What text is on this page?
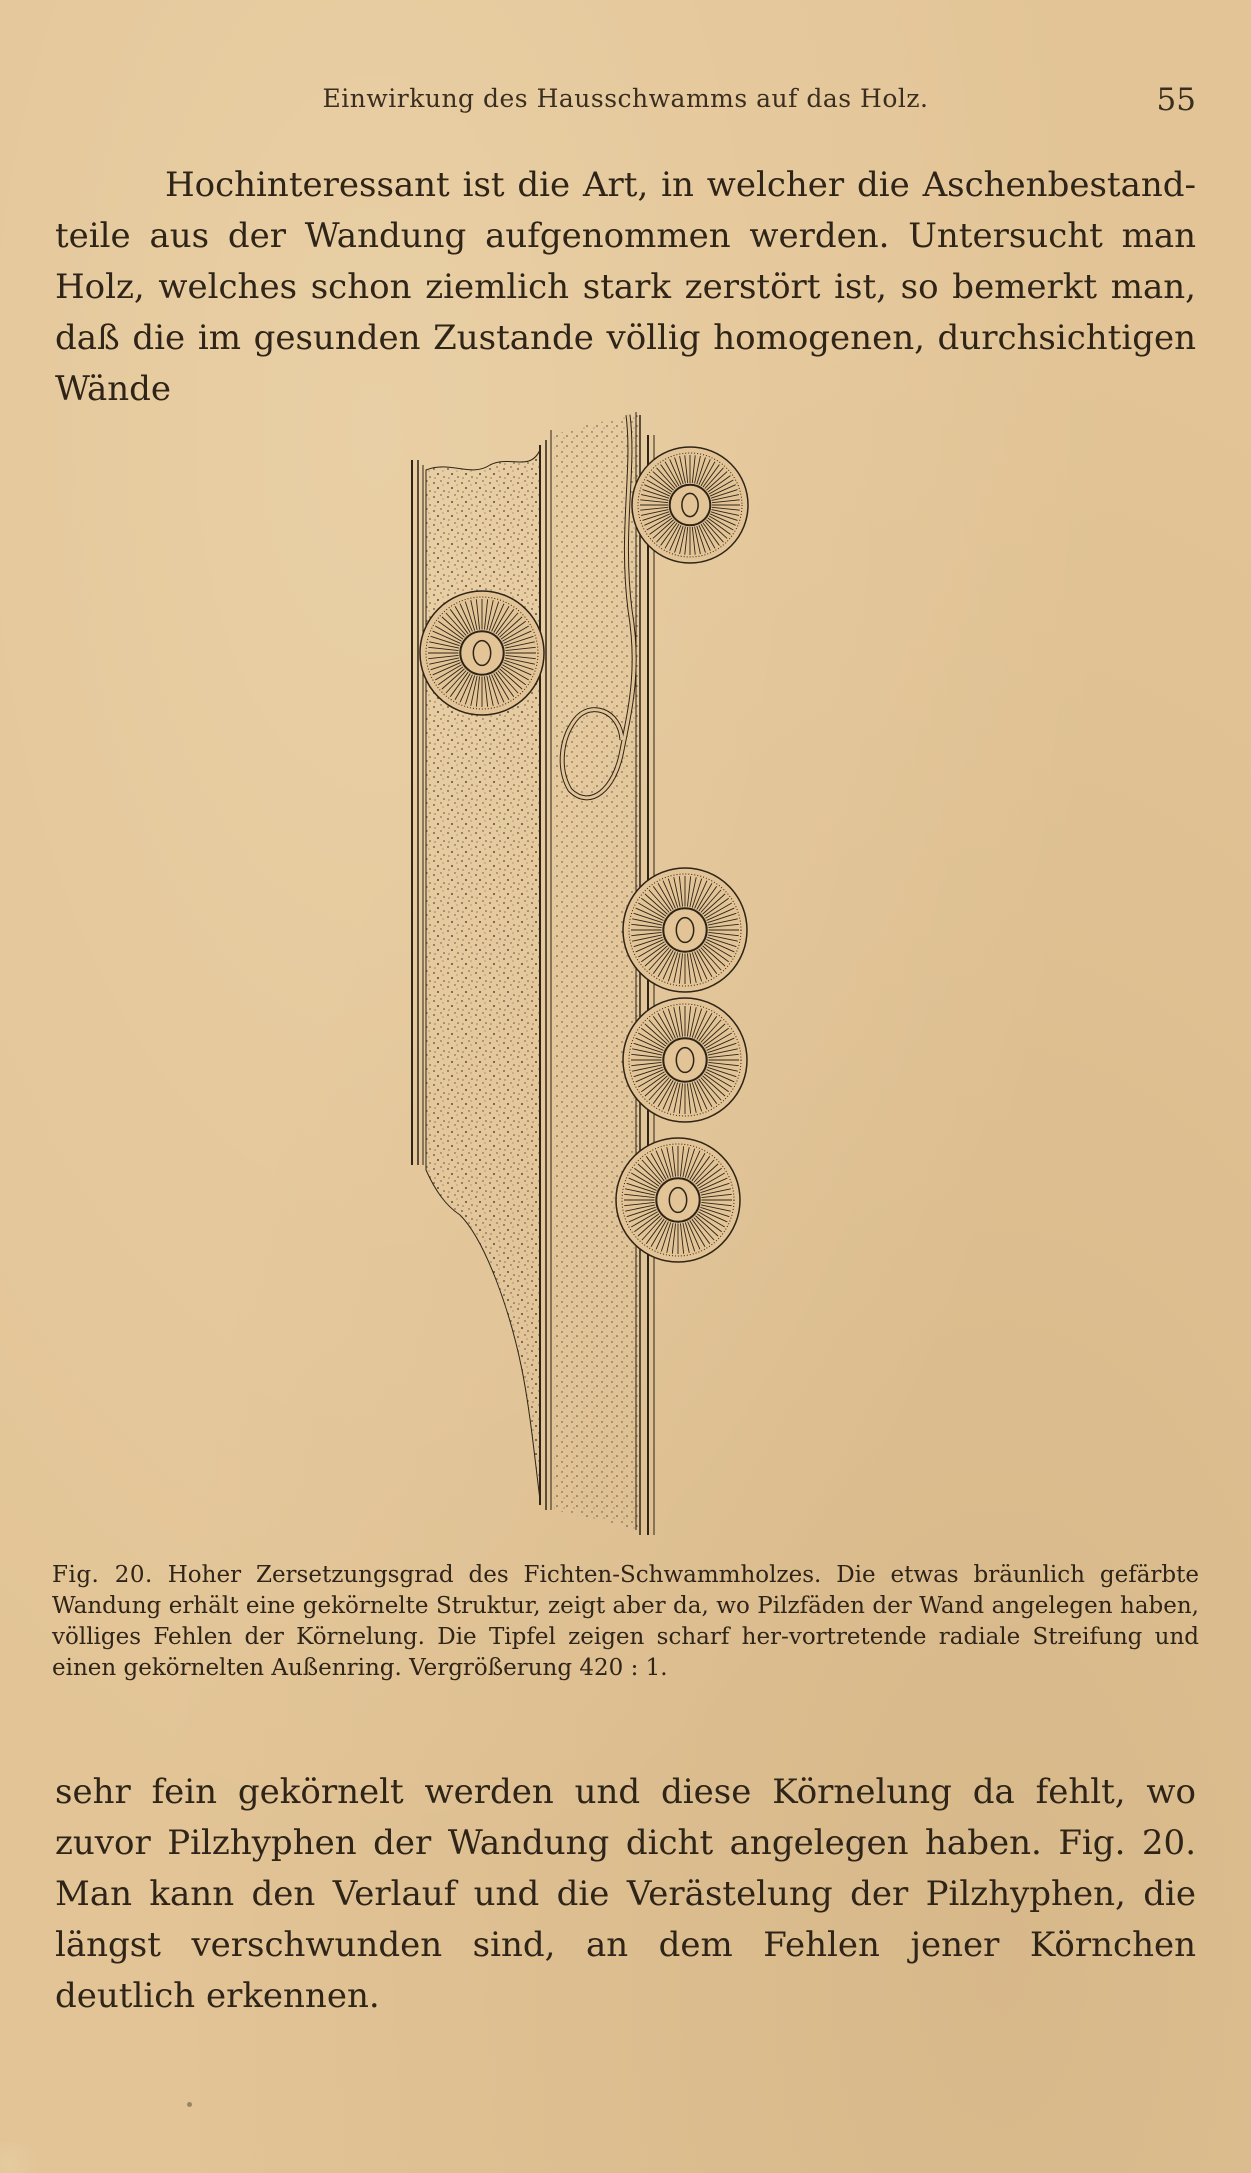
Einwirkung des Hausschwamms auf das Holz.	55

Hochinteressant ist die Art, in welcher die Aschenbestand-teile aus der Wandung aufgenommen werden. Untersucht man Holz, welches schon ziemlich stark zerstört ist, so bemerkt man, daß die im gesunden Zustande völlig homogenen, durchsichtigen Wände

Fig. 20. Hoher Zersetzungsgrad des Fichten-Schwammholzes. Die etwas bräunlich gefärbte Wandung erhält eine gekörnelte Struktur, zeigt aber da, wo Pilzfäden der Wand angelegen haben, völliges Fehlen der Körnelung. Die Tipfel zeigen scharf her-vortretende radiale Streifung und einen gekörnelten Außenring. Vergrößerung 420 : 1.

sehr fein gekörnelt werden und diese Körnelung da fehlt, wo zuvor Pilzhyphen der Wandung dicht angelegen haben. Fig. 20. Man kann den Verlauf und die Verästelung der Pilzhyphen, die längst verschwunden sind, an dem Fehlen jener Körnchen deutlich erkennen.
